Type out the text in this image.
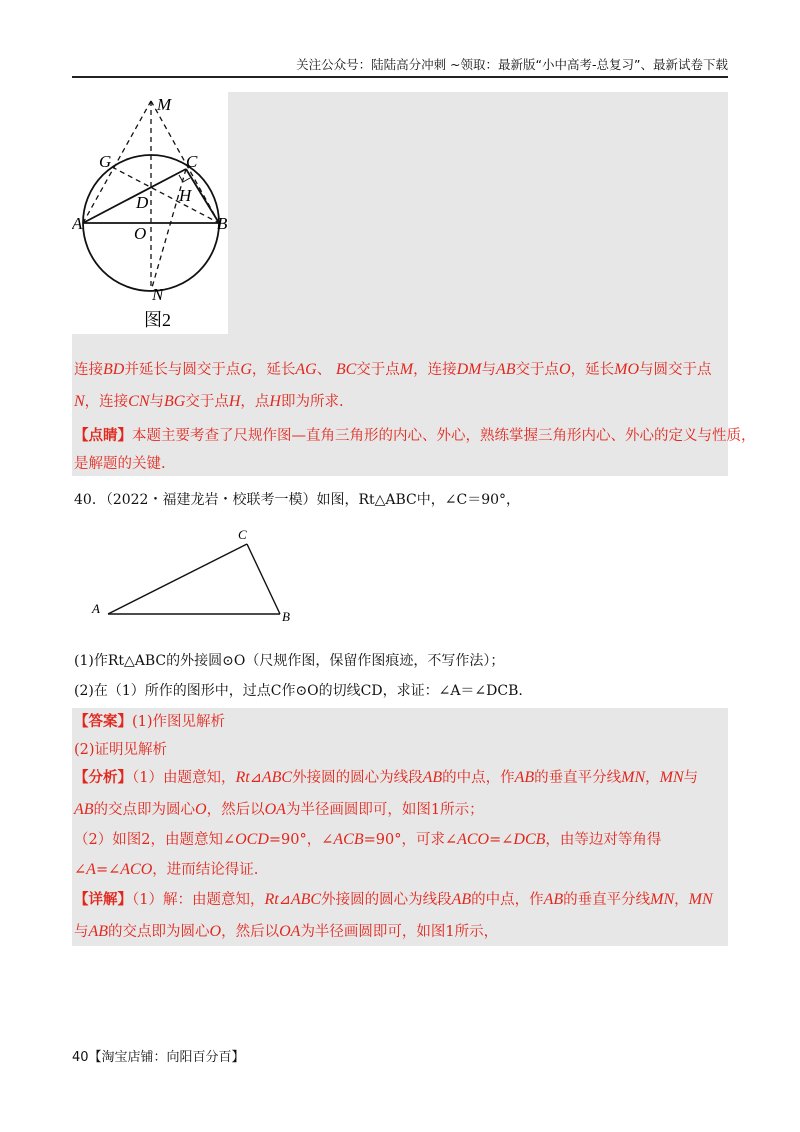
关注公众号：陆陆高分冲刺 ~领取：最新版“小中高考-总复习”、最新试卷下载
M
G	C
D H
A	B
O
N
图2
连接BD并延长与圆交于点G，延长AG、 BC交于点M，连接DM与AB交于点O，延长MO与圆交于点
N，连接CN与BG交于点H，点H即为所求.
【点睛】本题主要考查了尺规作图—直角三角形的内心、外心，熟练掌握三角形内心、外心的定义与性质，
是解题的关键.
40．（2022・福建龙岩・校联考一模）如图，Rt△ABC中，∠C＝90°，
A
B
C
(1)作Rt△ABC的外接圆⊙O（尺规作图，保留作图痕迹，不写作法）；
(2)在（1）所作的图形中，过点C作⊙O的切线CD，求证：∠A＝∠DCB.
【答案】(1)作图见解析
(2)证明见解析
【分析】（1）由题意知，Rt⊿ABC外接圆的圆心为线段AB的中点，作AB的垂直平分线MN，MN与
AB的交点即为圆心O，然后以OA为半径画圆即可，如图1所示；
（2）如图2，由题意知∠OCD=90°，∠ACB=90°，可求∠ACO=∠DCB，由等边对等角得
∠A=∠ACO，进而结论得证.
【详解】（1）解：由题意知，Rt⊿ABC外接圆的圆心为线段AB的中点，作AB的垂直平分线MN，MN
与AB的交点即为圆心O，然后以OA为半径画圆即可，如图1所示，
40【淘宝店铺：向阳百分百】
